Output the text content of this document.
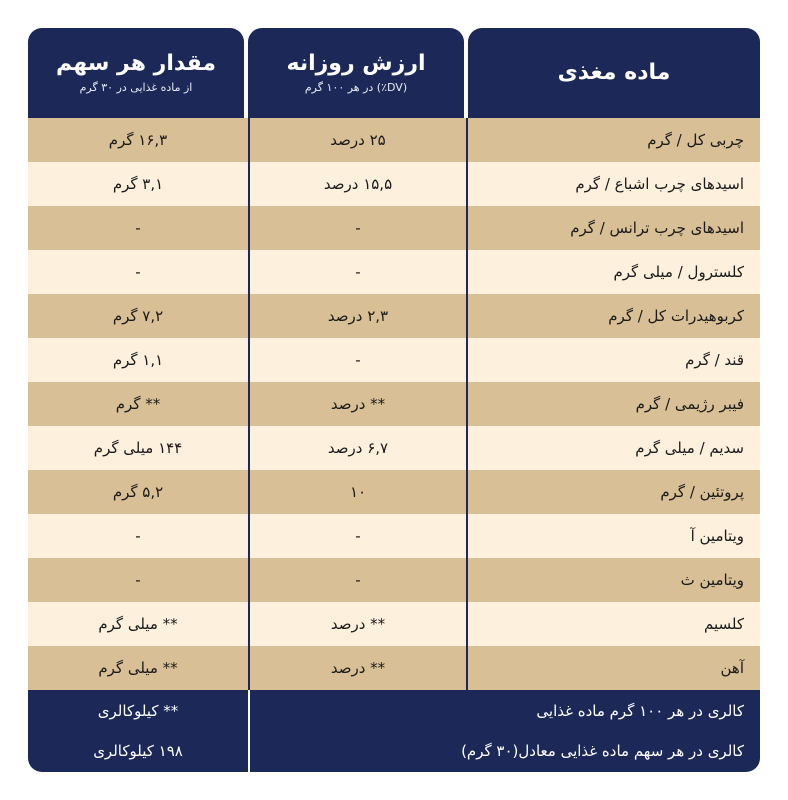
ماده مغذی
ارزش روزانه
(DV٪) در هر ۱۰۰ گرم
مقدار هر سهم
از ماده غذایی در ۳۰ گرم
چربی کل / گرم
۲۵ درصد
۱۶,۳ گرم
اسیدهای چرب اشباع / گرم
۱۵,۵ درصد
۳,۱ گرم
اسیدهای چرب ترانس / گرم
-
-
کلسترول / میلی گرم
-
-
کربوهیدرات کل / گرم
۲,۳ درصد
۷,۲ گرم
قند / گرم
-
۱,۱ گرم
فیبر رژیمی / گرم
** درصد
** گرم
سدیم / میلی گرم
۶,۷ درصد
۱۴۴ میلی گرم
پروتئین / گرم
۱۰
۵,۲ گرم
ویتامین آ
-
-
ویتامین ث
-
-
کلسیم
** درصد
** میلی گرم
آهن
** درصد
** میلی گرم
کالری در هر ۱۰۰ گرم ماده غذایی
** کیلوکالری
کالری در هر سهم ماده غذایی معادل(۳۰ گرم)
۱۹۸ کیلوکالری
